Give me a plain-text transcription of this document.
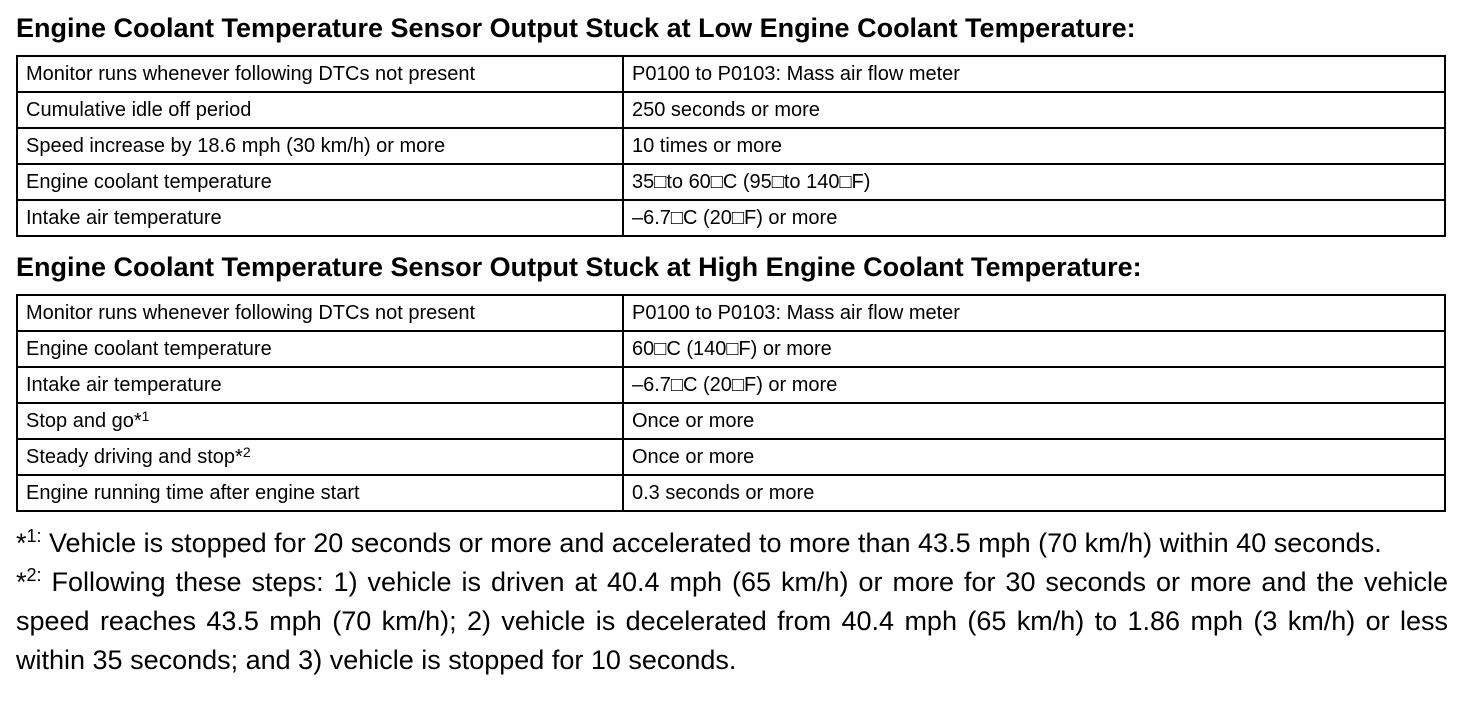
Engine Coolant Temperature Sensor Output Stuck at Low Engine Coolant Temperature:
Monitor runs whenever following DTCs not present	P0100 to P0103: Mass air flow meter
Cumulative idle off period	250 seconds or more
Speed increase by 18.6 mph (30 km/h) or more	10 times or more
Engine coolant temperature	35□to 60□C (95□to 140□F)
Intake air temperature	–6.7□C (20□F) or more
Engine Coolant Temperature Sensor Output Stuck at High Engine Coolant Temperature:
Monitor runs whenever following DTCs not present	P0100 to P0103: Mass air flow meter
Engine coolant temperature	60□C (140□F) or more
Intake air temperature	–6.7□C (20□F) or more
Stop and go*$^1$	Once or more
Steady driving and stop*$^2$	Once or more
Engine running time after engine start	0.3 seconds or more

*$^{1:}$ Vehicle is stopped for 20 seconds or more and accelerated to more than 43.5 mph (70 km/h) within 40 seconds.

*$^{2:}$ Following these steps: 1) vehicle is driven at 40.4 mph (65 km/h) or more for 30 seconds or more and the vehicle speed reaches 43.5 mph (70 km/h); 2) vehicle is decelerated from 40.4 mph (65 km/h) to 1.86 mph (3 km/h) or less within 35 seconds; and 3) vehicle is stopped for 10 seconds.
